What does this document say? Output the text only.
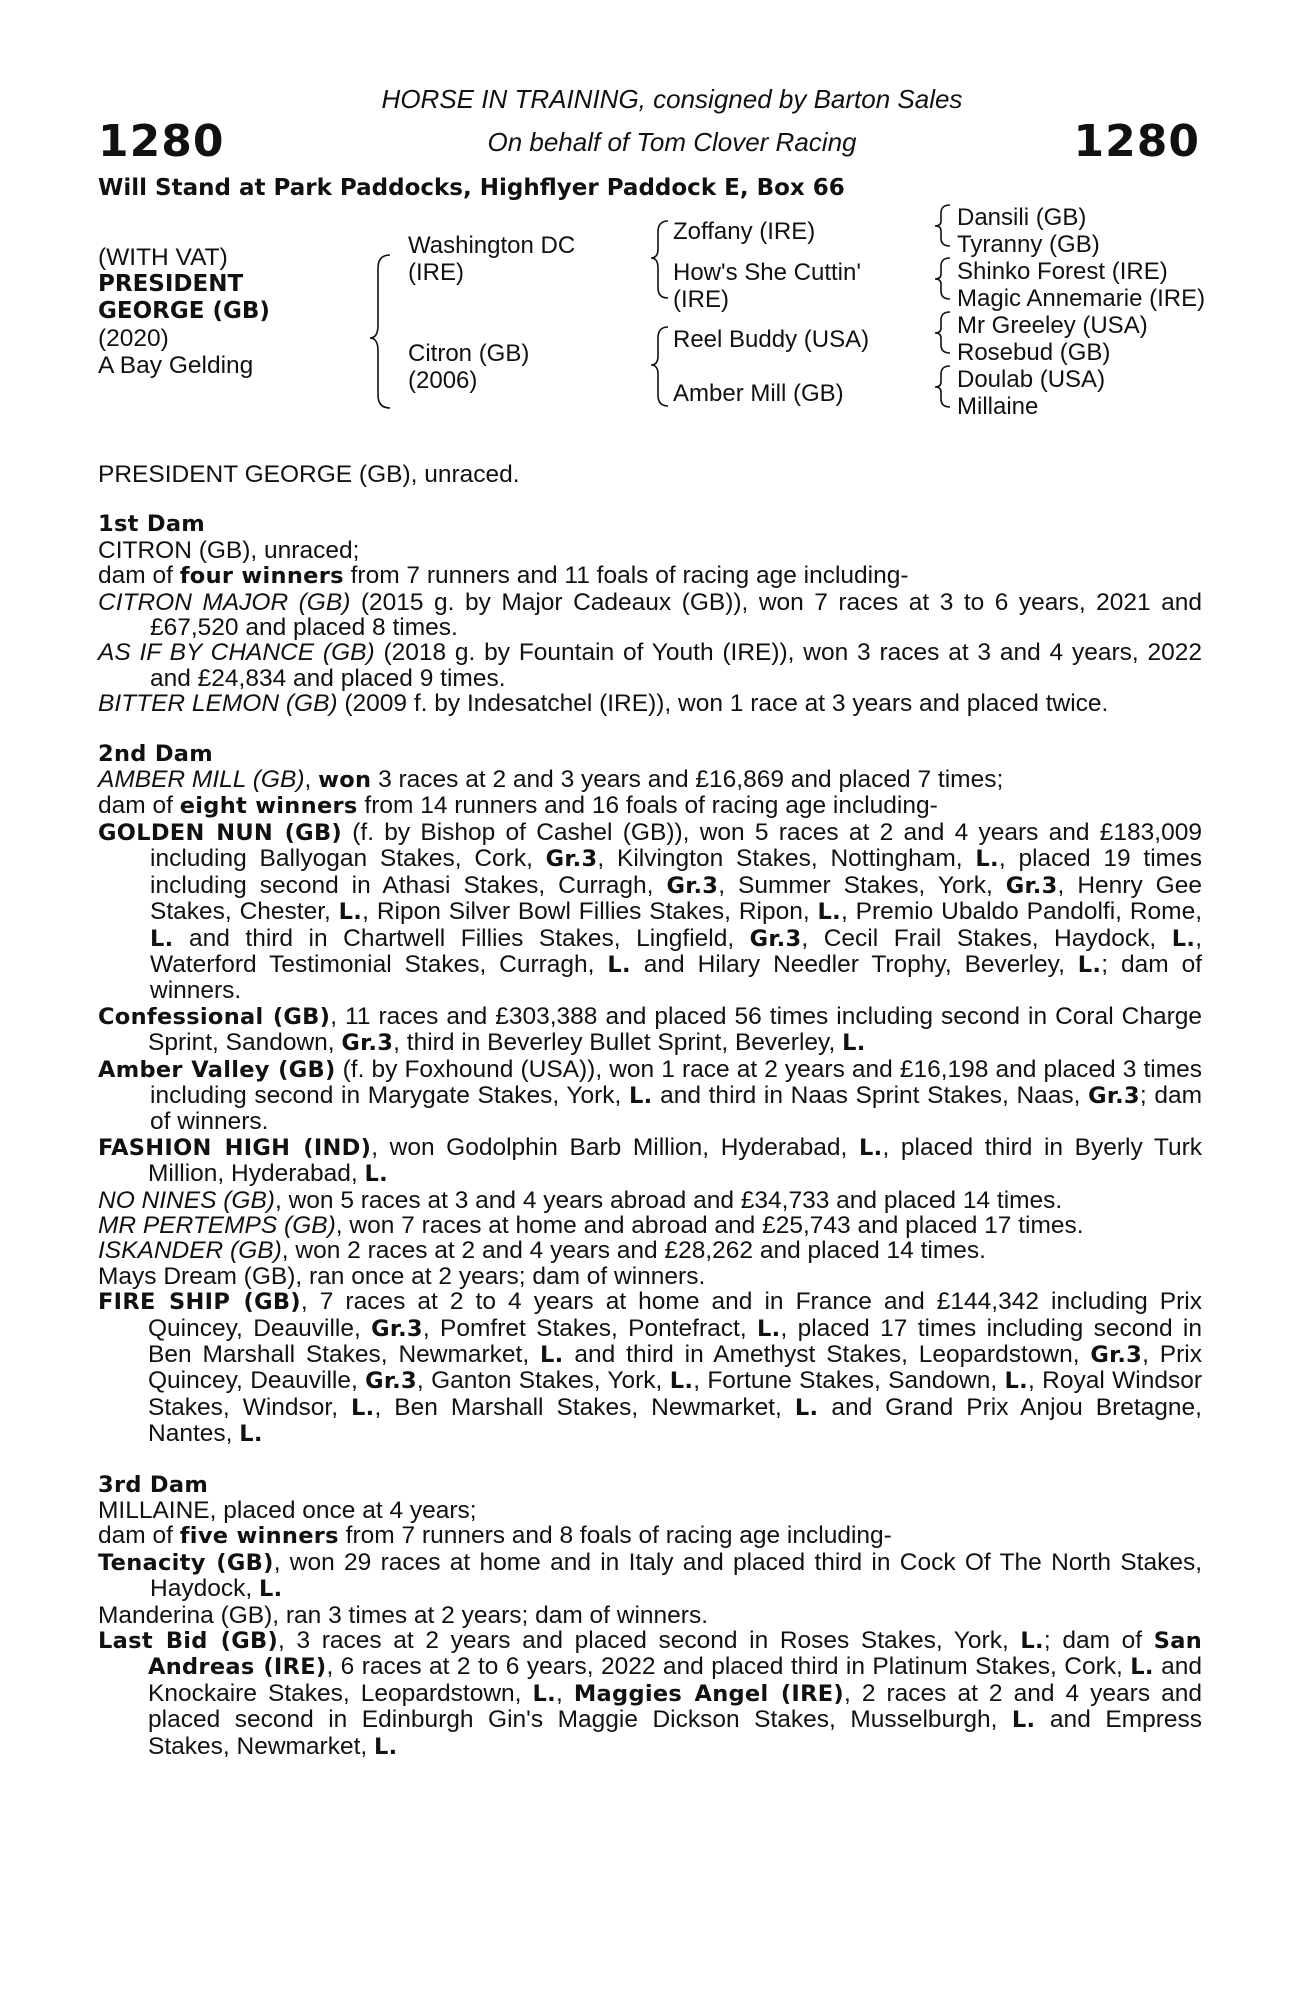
1280	1280
HORSE IN TRAINING, consigned by Barton Sales
On behalf of Tom Clover Racing
Will Stand at Park Paddocks, Highflyer Paddock E, Box 66
(WITH VAT)
PRESIDENT
GEORGE (GB)
(2020)
A Bay Gelding
Washington DC
(IRE)
Citron (GB)
(2006)
Zoffany (IRE)
How's She Cuttin'
(IRE)
Reel Buddy (USA)
Amber Mill (GB)
Dansili (GB)
Tyranny (GB)
Shinko Forest (IRE)
Magic Annemarie (IRE)
Mr Greeley (USA)
Rosebud (GB)
Doulab (USA)
Millaine

PRESIDENT GEORGE (GB), unraced.

1st Dam

CITRON (GB), unraced;

dam of four winners from 7 runners and 11 foals of racing age including-

CITRON MAJOR (GB) (2015 g. by Major Cadeaux (GB)), won 7 races at 3 to 6 years, 2021 and £67,520 and placed 8 times.

AS IF BY CHANCE (GB) (2018 g. by Fountain of Youth (IRE)), won 3 races at 3 and 4 years, 2022 and £24,834 and placed 9 times.

BITTER LEMON (GB) (2009 f. by Indesatchel (IRE)), won 1 race at 3 years and placed twice.

2nd Dam

AMBER MILL (GB), won 3 races at 2 and 3 years and £16,869 and placed 7 times;

dam of eight winners from 14 runners and 16 foals of racing age including-

GOLDEN NUN (GB) (f. by Bishop of Cashel (GB)), won 5 races at 2 and 4 years and £183,009 including Ballyogan Stakes, Cork, Gr.3, Kilvington Stakes, Nottingham, L., placed 19 times including second in Athasi Stakes, Curragh, Gr.3, Summer Stakes, York, Gr.3, Henry Gee Stakes, Chester, L., Ripon Silver Bowl Fillies Stakes, Ripon, L., Premio Ubaldo Pandolfi, Rome, L. and third in Chartwell Fillies Stakes, Lingfield, Gr.3, Cecil Frail Stakes, Haydock, L., Waterford Testimonial Stakes, Curragh, L. and Hilary Needler Trophy, Beverley, L.; dam of winners.

Confessional (GB), 11 races and £303,388 and placed 56 times including second in Coral Charge Sprint, Sandown, Gr.3, third in Beverley Bullet Sprint, Beverley, L.

Amber Valley (GB) (f. by Foxhound (USA)), won 1 race at 2 years and £16,198 and placed 3 times including second in Marygate Stakes, York, L. and third in Naas Sprint Stakes, Naas, Gr.3; dam of winners.

FASHION HIGH (IND), won Godolphin Barb Million, Hyderabad, L., placed third in Byerly Turk Million, Hyderabad, L.

NO NINES (GB), won 5 races at 3 and 4 years abroad and £34,733 and placed 14 times.

MR PERTEMPS (GB), won 7 races at home and abroad and £25,743 and placed 17 times.

ISKANDER (GB), won 2 races at 2 and 4 years and £28,262 and placed 14 times.

Mays Dream (GB), ran once at 2 years; dam of winners.

FIRE SHIP (GB), 7 races at 2 to 4 years at home and in France and £144,342 including Prix Quincey, Deauville, Gr.3, Pomfret Stakes, Pontefract, L., placed 17 times including second in Ben Marshall Stakes, Newmarket, L. and third in Amethyst Stakes, Leopardstown, Gr.3, Prix Quincey, Deauville, Gr.3, Ganton Stakes, York, L., Fortune Stakes, Sandown, L., Royal Windsor Stakes, Windsor, L., Ben Marshall Stakes, Newmarket, L. and Grand Prix Anjou Bretagne, Nantes, L.

3rd Dam

MILLAINE, placed once at 4 years;

dam of five winners from 7 runners and 8 foals of racing age including-

Tenacity (GB), won 29 races at home and in Italy and placed third in Cock Of The North Stakes, Haydock, L.

Manderina (GB), ran 3 times at 2 years; dam of winners.

Last Bid (GB), 3 races at 2 years and placed second in Roses Stakes, York, L.; dam of San Andreas (IRE), 6 races at 2 to 6 years, 2022 and placed third in Platinum Stakes, Cork, L. and Knockaire Stakes, Leopardstown, L., Maggies Angel (IRE), 2 races at 2 and 4 years and placed second in Edinburgh Gin's Maggie Dickson Stakes, Musselburgh, L. and Empress Stakes, Newmarket, L.
